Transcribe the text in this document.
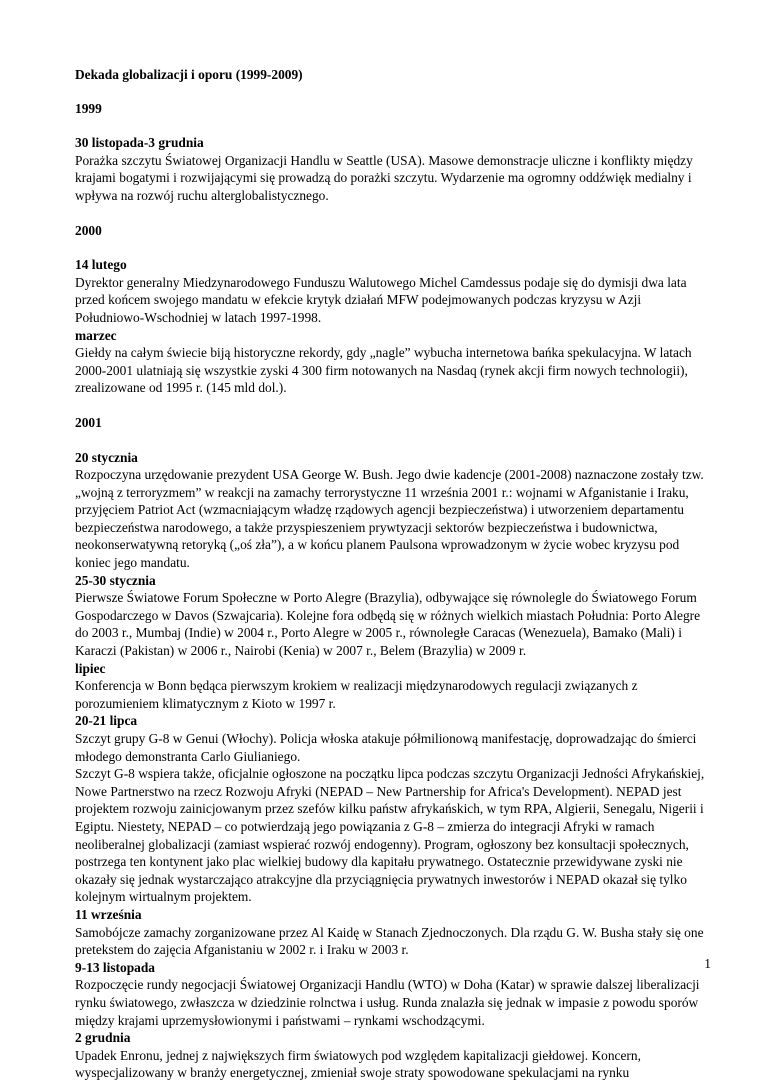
Dekada globalizacji i oporu (1999-2009)

1999

30 listopada-3 grudnia

Porażka szczytu Światowej Organizacji Handlu w Seattle (USA). Masowe demonstracje uliczne i konflikty między krajami bogatymi i rozwijającymi się prowadzą do porażki szczytu. Wydarzenie ma ogromny oddźwięk medialny i wpływa na rozwój ruchu alterglobalistycznego.

2000

14 lutego

Dyrektor generalny Miedzynarodowego Funduszu Walutowego Michel Camdessus podaje się do dymisji dwa lata przed końcem swojego mandatu w efekcie krytyk działań MFW podejmowanych podczas kryzysu w Azji Południowo-Wschodniej w latach 1997-1998.

marzec

Giełdy na całym świecie biją historyczne rekordy, gdy „nagle” wybucha internetowa bańka spekulacyjna. W latach 2000-2001 ulatniają się wszystkie zyski 4 300 firm notowanych na Nasdaq (rynek akcji firm nowych technologii), zrealizowane od 1995 r. (145 mld dol.).

2001

20 stycznia

Rozpoczyna urzędowanie prezydent USA George W. Bush. Jego dwie kadencje (2001-2008) naznaczone zostały tzw. „wojną z terroryzmem” w reakcji na zamachy terrorystyczne 11 września 2001 r.: wojnami w Afganistanie i Iraku, przyjęciem Patriot Act (wzmacniającym władzę rządowych agencji bezpieczeństwa) i utworzeniem departamentu bezpieczeństwa narodowego, a także przyspieszeniem prywtyzacji sektorów bezpieczeństwa i budownictwa, neokonserwatywną retoryką („oś zła”), a w końcu planem Paulsona wprowadzonym w życie wobec kryzysu pod koniec jego mandatu.

25-30 stycznia

Pierwsze Światowe Forum Społeczne w Porto Alegre (Brazylia), odbywające się równolegle do Światowego Forum Gospodarczego w Davos (Szwajcaria). Kolejne fora odbędą się w różnych wielkich miastach Południa: Porto Alegre do 2003 r., Mumbaj (Indie) w 2004 r., Porto Alegre w 2005 r., równoległe Caracas (Wenezuela), Bamako (Mali) i Karaczi (Pakistan) w 2006 r., Nairobi (Kenia) w 2007 r., Belem (Brazylia) w 2009 r.

lipiec

Konferencja w Bonn będąca pierwszym krokiem w realizacji międzynarodowych regulacji związanych z porozumieniem klimatycznym z Kioto w 1997 r.

20-21 lipca

Szczyt grupy G-8 w Genui (Włochy). Policja włoska atakuje półmilionową manifestację, doprowadzając do śmierci młodego demonstranta Carlo Giulianiego.

Szczyt G-8 wspiera także, oficjalnie ogłoszone na początku lipca podczas szczytu Organizacji Jedności Afrykańskiej, Nowe Partnerstwo na rzecz Rozwoju Afryki (NEPAD – New Partnership for Africa's Development). NEPAD jest projektem rozwoju zainicjowanym przez szefów kilku państw afrykańskich, w tym RPA, Algierii, Senegalu, Nigerii i Egiptu. Niestety, NEPAD – co potwierdzają jego powiązania z G-8 – zmierza do integracji Afryki w ramach neoliberalnej globalizacji (zamiast wspierać rozwój endogenny). Program, ogłoszony bez konsultacji społecznych, postrzega ten kontynent jako plac wielkiej budowy dla kapitału prywatnego. Ostatecznie przewidywane zyski nie okazały się jednak wystarczająco atrakcyjne dla przyciągnięcia prywatnych inwestorów i NEPAD okazał się tylko kolejnym wirtualnym projektem.

11 września

Samobójcze zamachy zorganizowane przez Al Kaidę w Stanach Zjednoczonych. Dla rządu G. W. Busha stały się one pretekstem do zajęcia Afganistaniu w 2002 r. i Iraku w 2003 r.

9-13 listopada

Rozpoczęcie rundy negocjacji Światowej Organizacji Handlu (WTO) w Doha (Katar) w sprawie dalszej liberalizacji rynku światowego, zwłaszcza w dziedzinie rolnctwa i usług. Runda znalazła się jednak w impasie z powodu sporów między krajami uprzemysłowionymi i państwami – rynkami wschodzącymi.

2 grudnia

Upadek Enronu, jednej z największych firm światowych pod względem kapitalizacji giełdowej. Koncern, wyspecjalizowany w branży energetycznej, zmieniał swoje straty spowodowane spekulacjami na rynku

1
